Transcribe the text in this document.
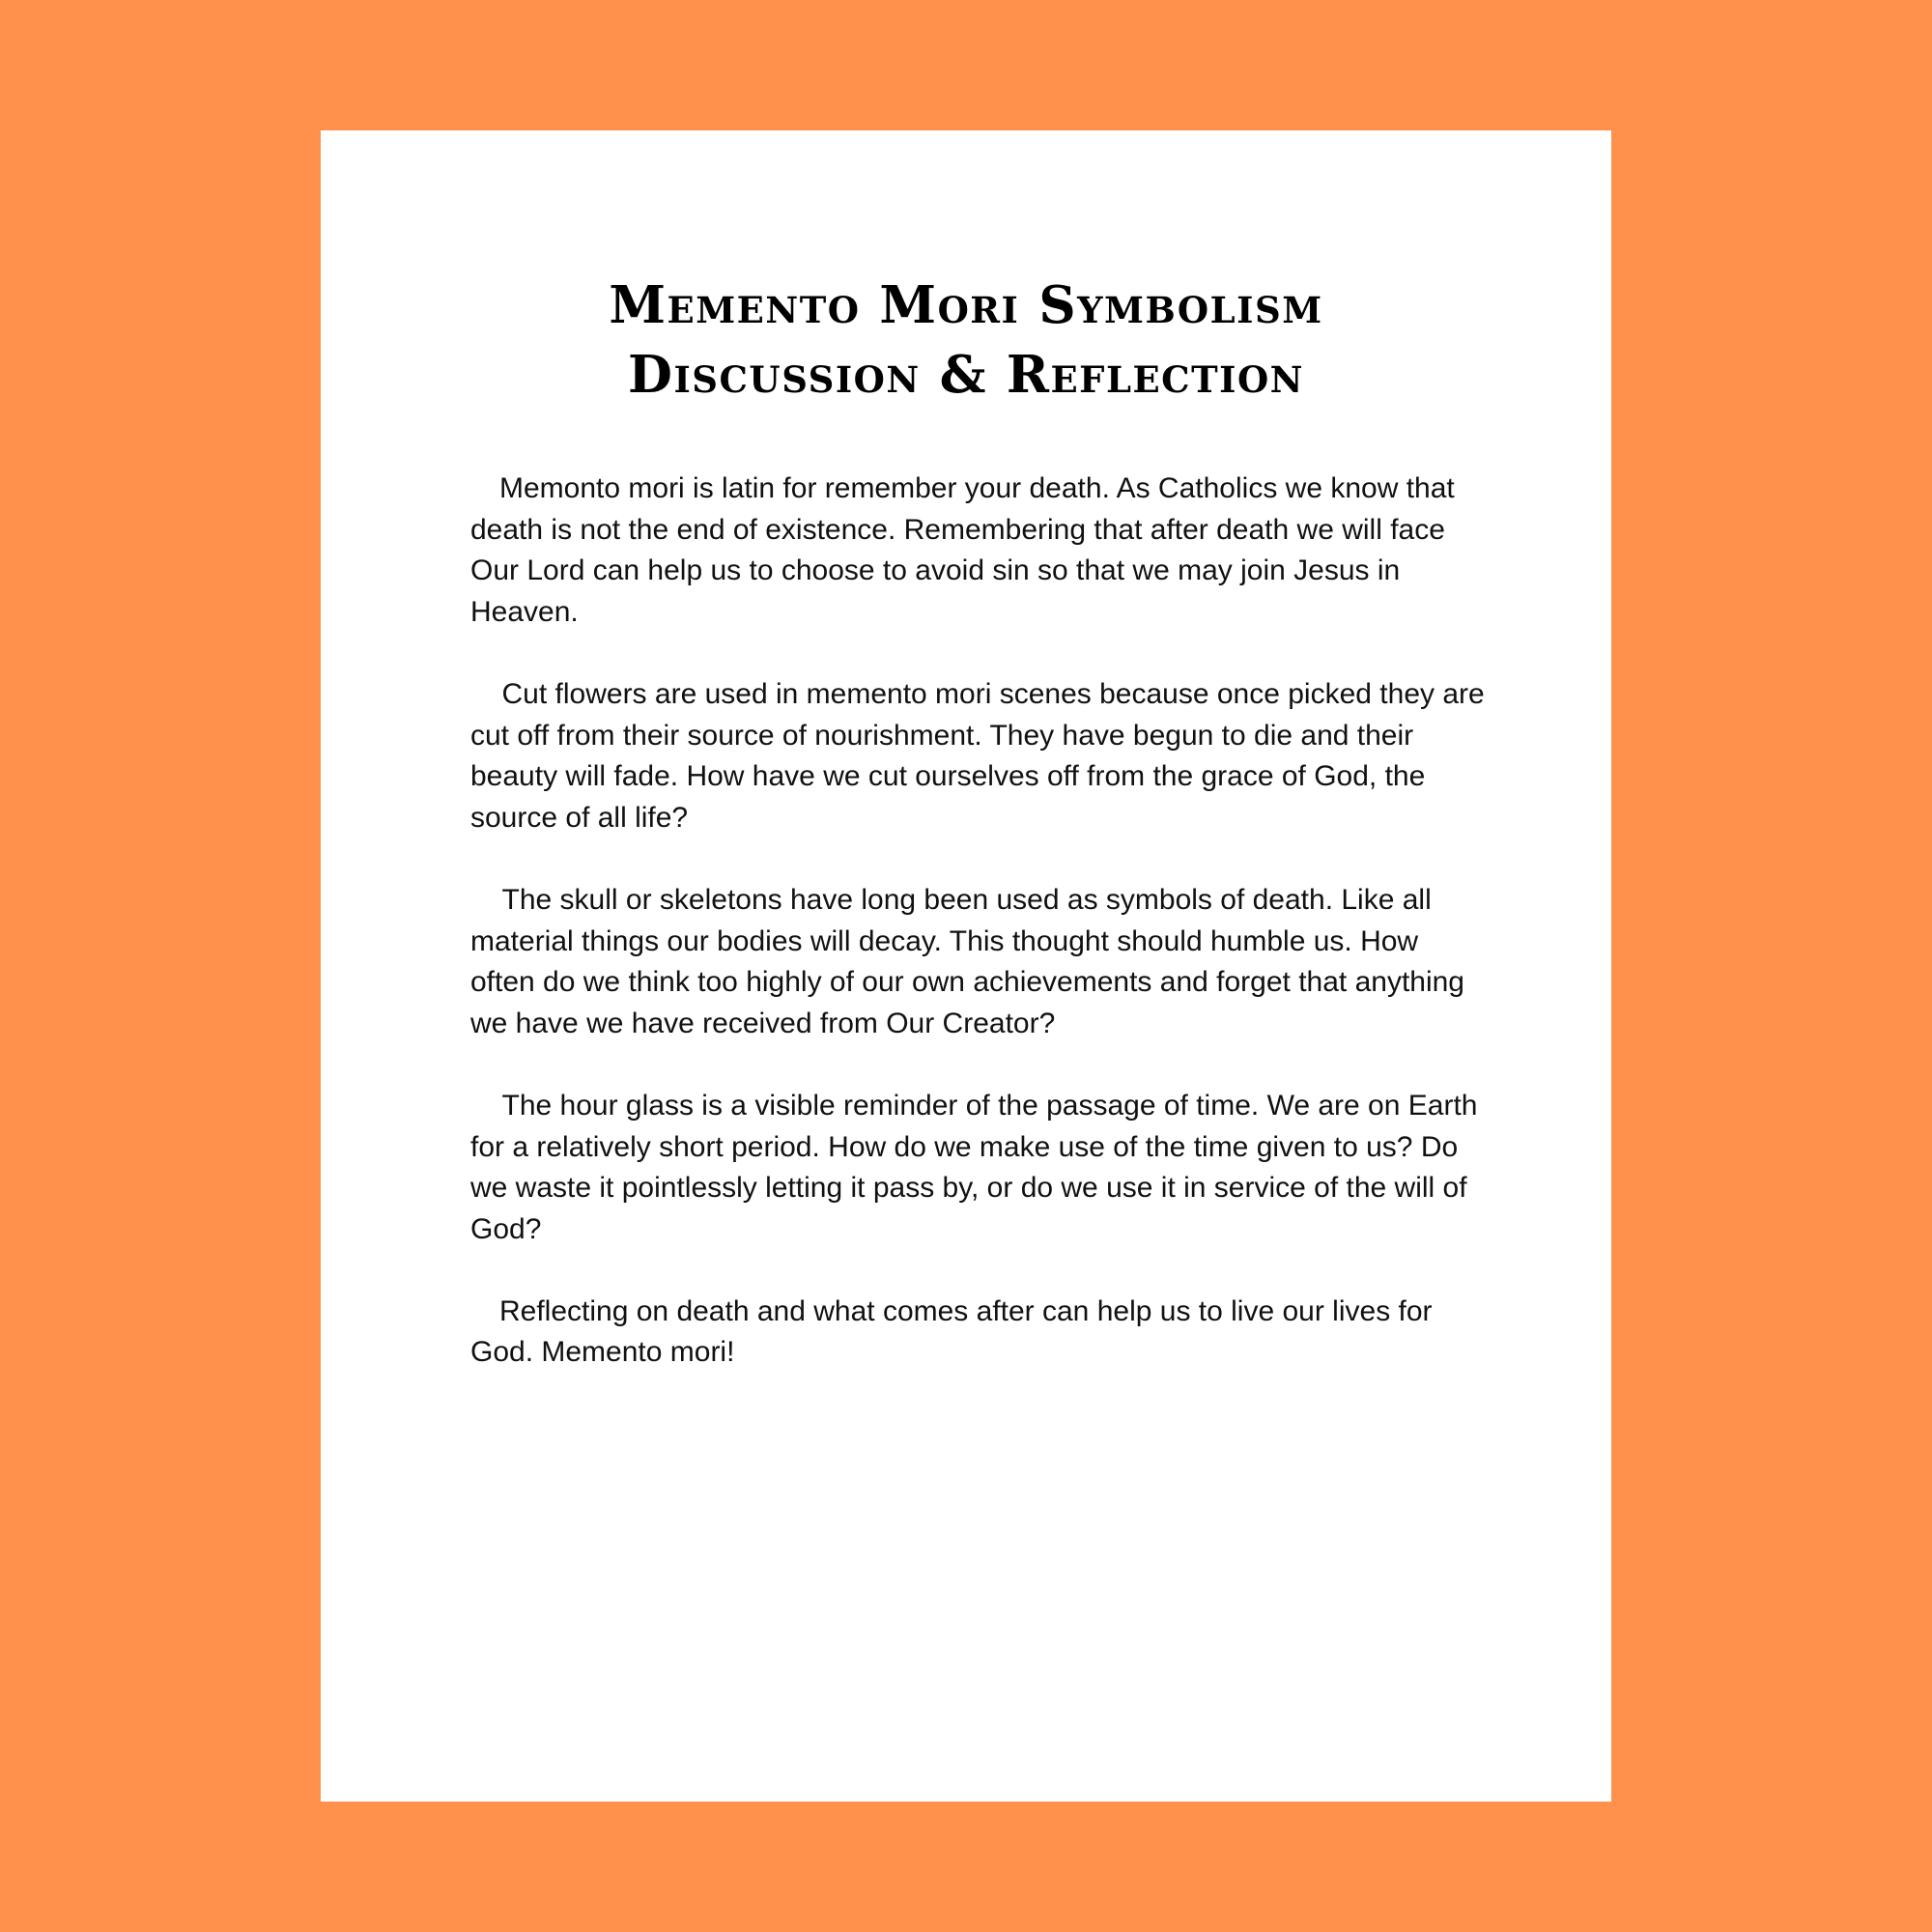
Memento Mori Symbolism
Discussion & Reflection

 Memonto mori is latin for remember your death. As Catholics we know that death is not the end of existence. Remembering that after death we will face Our Lord can help us to choose to avoid sin so that we may join Jesus in Heaven.

  Cut flowers are used in memento mori scenes because once picked they are cut off from their source of nourishment. They have begun to die and their beauty will fade. How have we cut ourselves off from the grace of God, the source of all life?

  The skull or skeletons have long been used as symbols of death. Like all material things our bodies will decay. This thought should humble us. How often do we think too highly of our own achievements and forget that anything we have we have received from Our Creator?

  The hour glass is a visible reminder of the passage of time. We are on Earth for a relatively short period. How do we make use of the time given to us? Do we waste it pointlessly letting it pass by, or do we use it in service of the will of God?

 Reflecting on death and what comes after can help us to live our lives for God. Memento mori!
